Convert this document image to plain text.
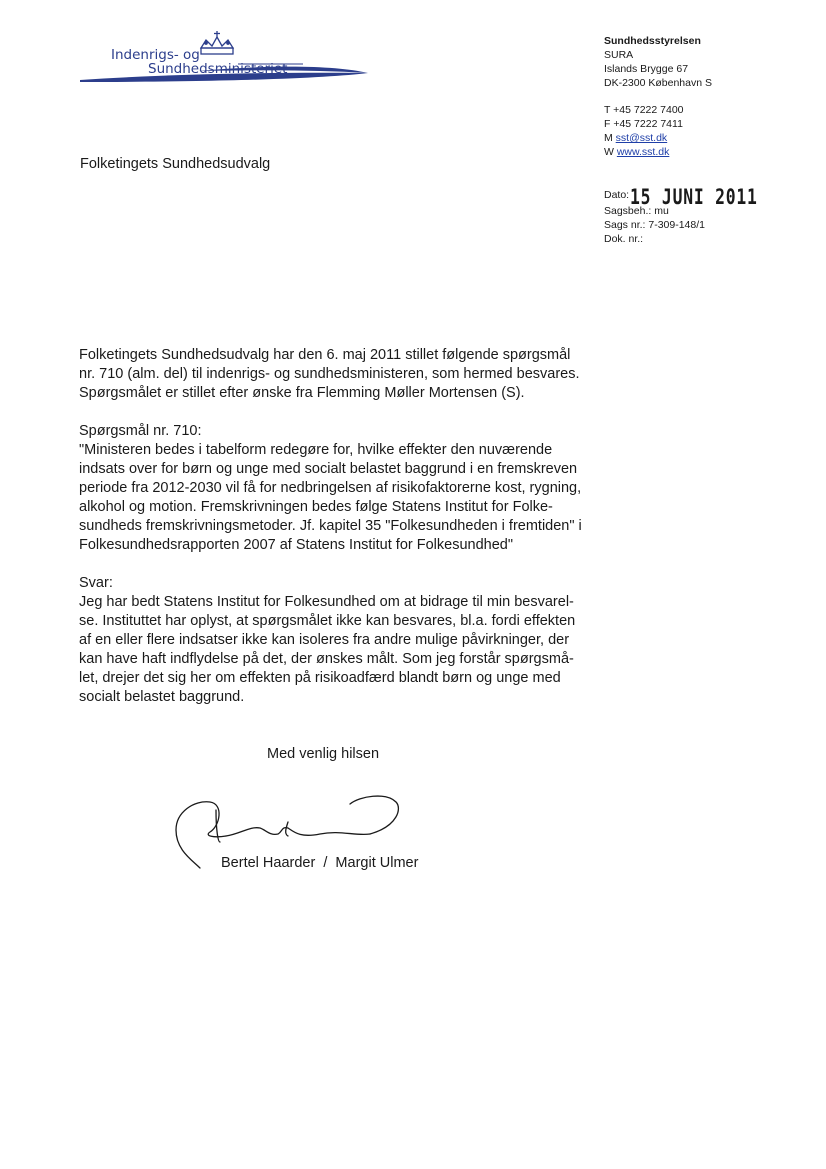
Indenrigs- og
Sundhedsministeriet
Sundhedsstyrelsen
SURA
Islands Brygge 67
DK-2300 København S
T +45 7222 7400
F +45 7222 7411
M sst@sst.dk
W www.sst.dk
Dato: 15 JUNI 2011
Sagsbeh.: mu
Sags nr.: 7-309-148/1
Dok. nr.:
Folketingets Sundhedsudvalg

Folketingets Sundhedsudvalg har den 6. maj 2011 stillet følgende spørgsmål
nr. 710 (alm. del) til indenrigs- og sundhedsministeren, som hermed besvares.
Spørgsmålet er stillet efter ønske fra Flemming Møller Mortensen (S).

Spørgsmål nr. 710:
"Ministeren bedes i tabelform redegøre for, hvilke effekter den nuværende
indsats over for børn og unge med socialt belastet baggrund i en fremskreven
periode fra 2012-2030 vil få for nedbringelsen af risikofaktorerne kost, rygning,
alkohol og motion. Fremskrivningen bedes følge Statens Institut for Folke-
sundheds fremskrivningsmetoder. Jf. kapitel 35 "Folkesundheden i fremtiden" i
Folkesundhedsrapporten 2007 af Statens Institut for Folkesundhed"

Svar:
Jeg har bedt Statens Institut for Folkesundhed om at bidrage til min besvarel-
se. Instituttet har oplyst, at spørgsmålet ikke kan besvares, bl.a. fordi effekten
af en eller flere indsatser ikke kan isoleres fra andre mulige påvirkninger, der
kan have haft indflydelse på det, der ønskes målt. Som jeg forstår spørgsmå-
let, drejer det sig her om effekten på risikoadfærd blandt børn og unge med
socialt belastet baggrund.

Med venlig hilsen
Bertel Haarder  /  Margit Ulmer
